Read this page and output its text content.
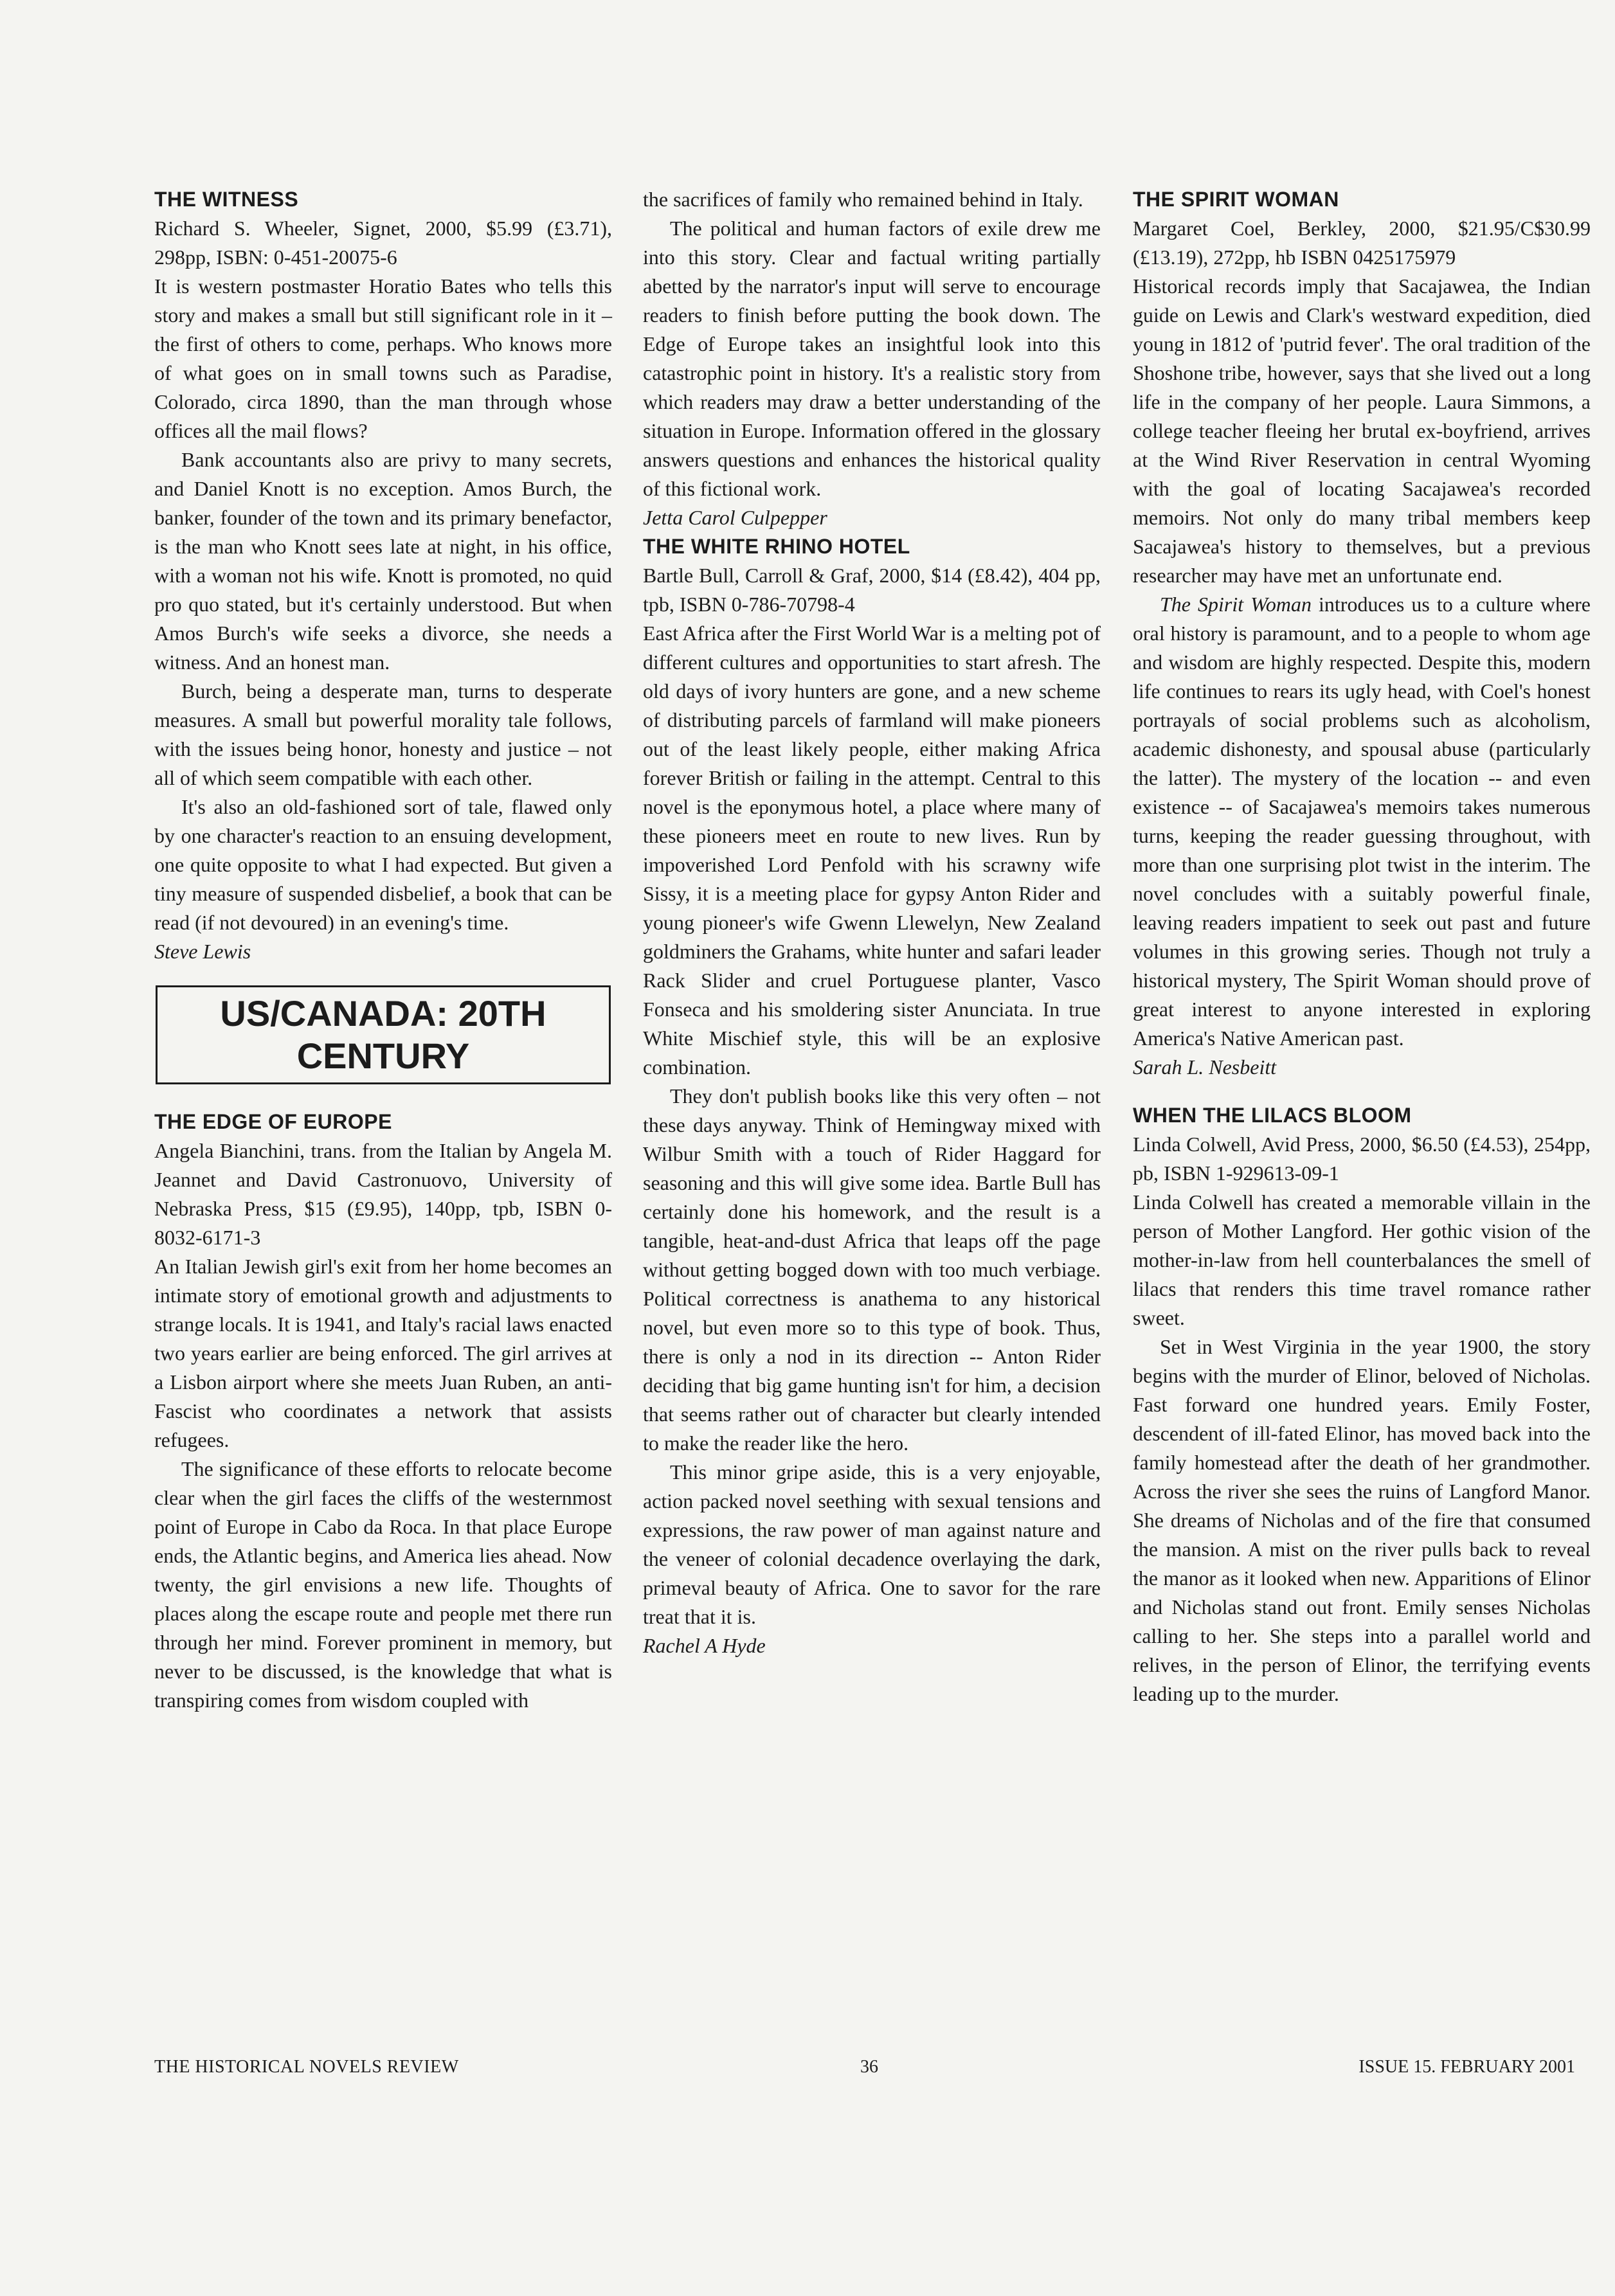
THE WITNESS

Richard S. Wheeler, Signet, 2000, $5.99 (£3.71), 298pp, ISBN: 0-451-20075-6

It is western postmaster Horatio Bates who tells this story and makes a small but still significant role in it – the first of others to come, perhaps. Who knows more of what goes on in small towns such as Paradise, Colorado, circa 1890, than the man through whose offices all the mail flows?

Bank accountants also are privy to many secrets, and Daniel Knott is no exception. Amos Burch, the banker, founder of the town and its primary benefactor, is the man who Knott sees late at night, in his office, with a woman not his wife. Knott is promoted, no quid pro quo stated, but it's certainly understood. But when Amos Burch's wife seeks a divorce, she needs a witness. And an honest man.

Burch, being a desperate man, turns to desperate measures. A small but powerful morality tale follows, with the issues being honor, honesty and justice – not all of which seem compatible with each other.

It's also an old-fashioned sort of tale, flawed only by one character's reaction to an ensuing development, one quite opposite to what I had expected. But given a tiny measure of suspended disbelief, a book that can be read (if not devoured) in an evening's time.

Steve Lewis

US/CANADA: 20TH CENTURY
THE EDGE OF EUROPE

Angela Bianchini, trans. from the Italian by Angela M. Jeannet and David Castronuovo, University of Nebraska Press, $15 (£9.95), 140pp, tpb, ISBN 0-8032-6171-3

An Italian Jewish girl's exit from her home becomes an intimate story of emotional growth and adjustments to strange locals. It is 1941, and Italy's racial laws enacted two years earlier are being enforced. The girl arrives at a Lisbon airport where she meets Juan Ruben, an anti-Fascist who coordinates a network that assists refugees.

The significance of these efforts to relocate become clear when the girl faces the cliffs of the westernmost point of Europe in Cabo da Roca. In that place Europe ends, the Atlantic begins, and America lies ahead. Now twenty, the girl envisions a new life. Thoughts of places along the escape route and people met there run through her mind. Forever prominent in memory, but never to be discussed, is the knowledge that what is transpiring comes from wisdom coupled with

the sacrifices of family who remained behind in Italy.

The political and human factors of exile drew me into this story. Clear and factual writing partially abetted by the narrator's input will serve to encourage readers to finish before putting the book down. The Edge of Europe takes an insightful look into this catastrophic point in history. It's a realistic story from which readers may draw a better understanding of the situation in Europe. Information offered in the glossary answers questions and enhances the historical quality of this fictional work.

Jetta Carol Culpepper

THE WHITE RHINO HOTEL

Bartle Bull, Carroll & Graf, 2000, $14 (£8.42), 404 pp, tpb, ISBN 0-786-70798-4

East Africa after the First World War is a melting pot of different cultures and opportunities to start afresh. The old days of ivory hunters are gone, and a new scheme of distributing parcels of farmland will make pioneers out of the least likely people, either making Africa forever British or failing in the attempt. Central to this novel is the eponymous hotel, a place where many of these pioneers meet en route to new lives. Run by impoverished Lord Penfold with his scrawny wife Sissy, it is a meeting place for gypsy Anton Rider and young pioneer's wife Gwenn Llewelyn, New Zealand goldminers the Grahams, white hunter and safari leader Rack Slider and cruel Portuguese planter, Vasco Fonseca and his smoldering sister Anunciata. In true White Mischief style, this will be an explosive combination.

They don't publish books like this very often – not these days anyway. Think of Hemingway mixed with Wilbur Smith with a touch of Rider Haggard for seasoning and this will give some idea. Bartle Bull has certainly done his homework, and the result is a tangible, heat-and-dust Africa that leaps off the page without getting bogged down with too much verbiage. Political correctness is anathema to any historical novel, but even more so to this type of book. Thus, there is only a nod in its direction -- Anton Rider deciding that big game hunting isn't for him, a decision that seems rather out of character but clearly intended to make the reader like the hero.

This minor gripe aside, this is a very enjoyable, action packed novel seething with sexual tensions and expressions, the raw power of man against nature and the veneer of colonial decadence overlaying the dark, primeval beauty of Africa. One to savor for the rare treat that it is.

Rachel A Hyde

THE SPIRIT WOMAN

Margaret Coel, Berkley, 2000, $21.95/C$30.99 (£13.19), 272pp, hb ISBN 0425175979

Historical records imply that Sacajawea, the Indian guide on Lewis and Clark's westward expedition, died young in 1812 of 'putrid fever'. The oral tradition of the Shoshone tribe, however, says that she lived out a long life in the company of her people. Laura Simmons, a college teacher fleeing her brutal ex-boyfriend, arrives at the Wind River Reservation in central Wyoming with the goal of locating Sacajawea's recorded memoirs. Not only do many tribal members keep Sacajawea's history to themselves, but a previous researcher may have met an unfortunate end.

The Spirit Woman introduces us to a culture where oral history is paramount, and to a people to whom age and wisdom are highly respected. Despite this, modern life continues to rears its ugly head, with Coel's honest portrayals of social problems such as alcoholism, academic dishonesty, and spousal abuse (particularly the latter). The mystery of the location -- and even existence -- of Sacajawea's memoirs takes numerous turns, keeping the reader guessing throughout, with more than one surprising plot twist in the interim. The novel concludes with a suitably powerful finale, leaving readers impatient to seek out past and future volumes in this growing series. Though not truly a historical mystery, The Spirit Woman should prove of great interest to anyone interested in exploring America's Native American past.

Sarah L. Nesbeitt

WHEN THE LILACS BLOOM

Linda Colwell, Avid Press, 2000, $6.50 (£4.53), 254pp, pb, ISBN 1-929613-09-1

Linda Colwell has created a memorable villain in the person of Mother Langford. Her gothic vision of the mother-in-law from hell counterbalances the smell of lilacs that renders this time travel romance rather sweet.

Set in West Virginia in the year 1900, the story begins with the murder of Elinor, beloved of Nicholas. Fast forward one hundred years. Emily Foster, descendent of ill-fated Elinor, has moved back into the family homestead after the death of her grandmother. Across the river she sees the ruins of Langford Manor. She dreams of Nicholas and of the fire that consumed the mansion. A mist on the river pulls back to reveal the manor as it looked when new. Apparitions of Elinor and Nicholas stand out front. Emily senses Nicholas calling to her. She steps into a parallel world and relives, in the person of Elinor, the terrifying events leading up to the murder.

THE HISTORICAL NOVELS REVIEW	36	ISSUE 15. FEBRUARY 2001
